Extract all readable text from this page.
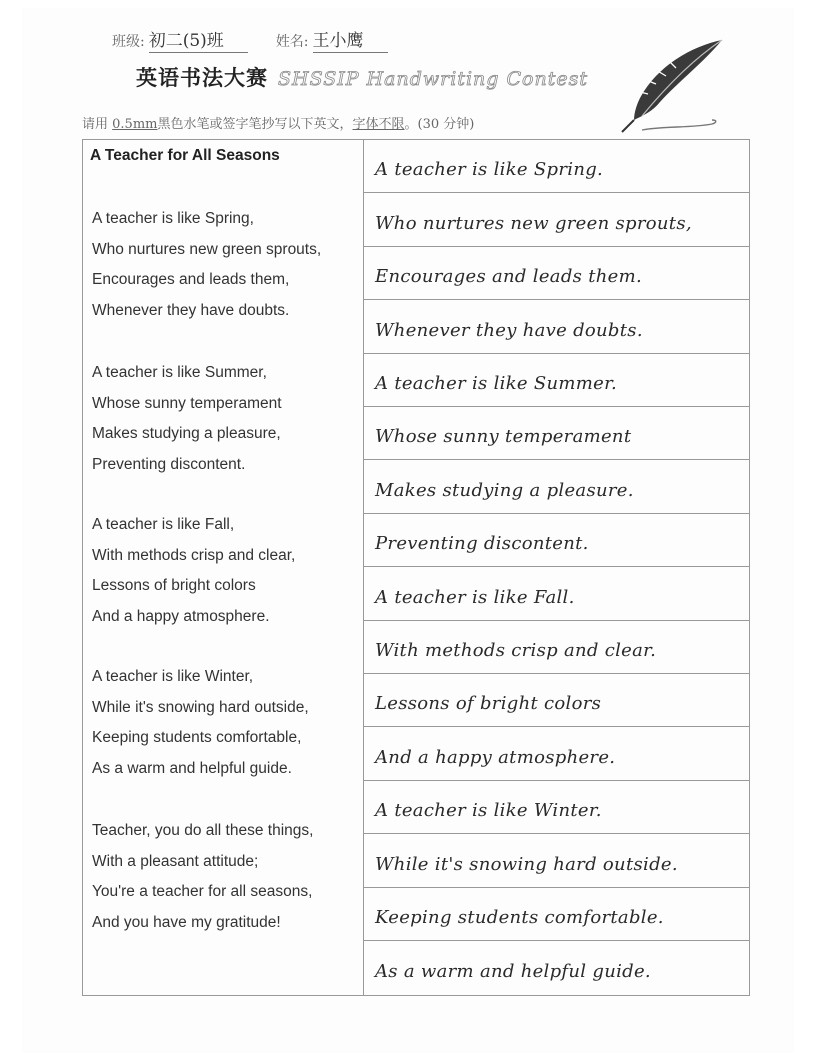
班级: 初二(5)班	姓名: 王小鹰
英语书法大赛 SHSSIP Handwriting Contest
请用 0.5mm黑色水笔或签字笔抄写以下英文，字体不限。(30 分钟)
A Teacher for All Seasons
A teacher is like Spring,
Who nurtures new green sprouts,
Encourages and leads them,
Whenever they have doubts.
A teacher is like Summer,
Whose sunny temperament
Makes studying a pleasure,
Preventing discontent.
A teacher is like Fall,
With methods crisp and clear,
Lessons of bright colors
And a happy atmosphere.
A teacher is like Winter,
While it's snowing hard outside,
Keeping students comfortable,
As a warm and helpful guide.
Teacher, you do all these things,
With a pleasant attitude;
You're a teacher for all seasons,
And you have my gratitude!
A teacher is like Spring.
Who nurtures new green sprouts,
Encourages and leads them.
Whenever they have doubts.
A teacher is like Summer.
Whose sunny temperament
Makes studying a pleasure.
Preventing discontent.
A teacher is like Fall.
With methods crisp and clear.
Lessons of bright colors
And a happy atmosphere.
A teacher is like Winter.
While it's snowing hard outside.
Keeping students comfortable.
As a warm and helpful guide.
